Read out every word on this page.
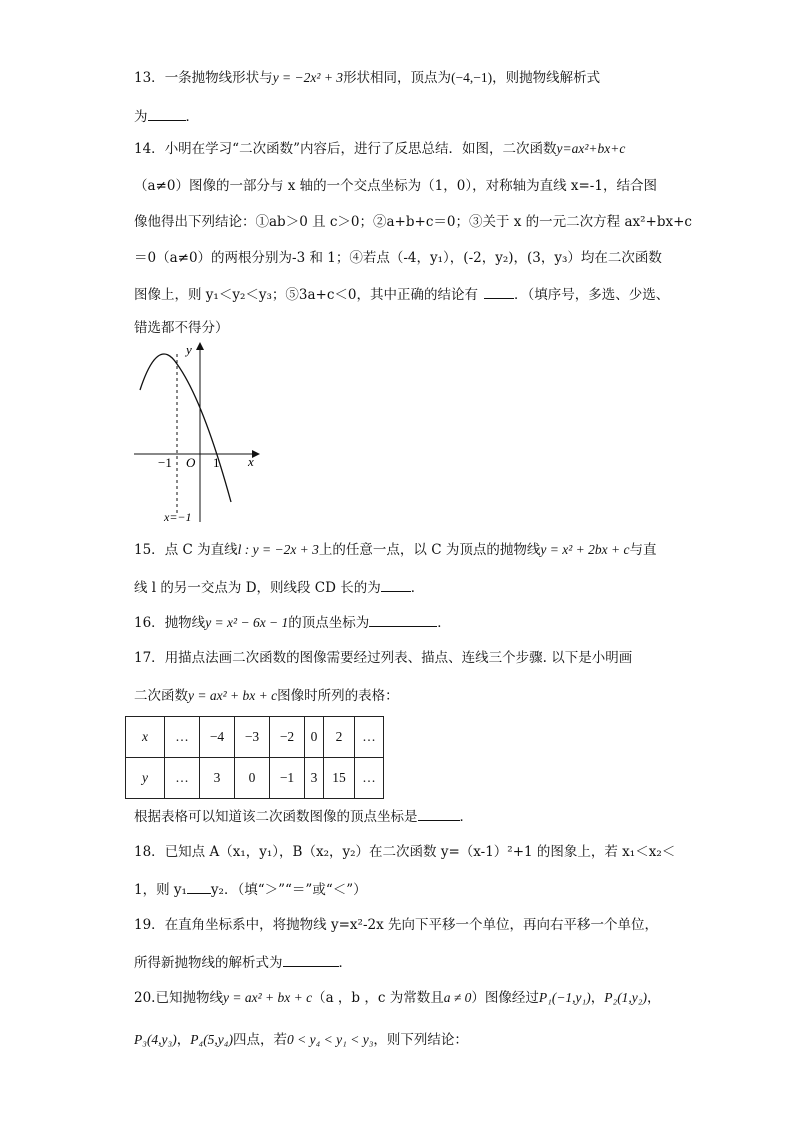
13．一条抛物线形状与y = −2x² + 3形状相同，顶点为(−4,−1)，则抛物线解析式
为	．
14．小明在学习“二次函数”内容后，进行了反思总结．如图，二次函数y=ax²+bx+c
（a≠0）图像的一部分与 x 轴的一个交点坐标为（1，0），对称轴为直线 x=-1，结合图
像他得出下列结论：①ab＞0 且 c＞0；②a+b+c＝0；③关于 x 的一元二次方程 ax²+bx+c
＝0（a≠0）的两根分别为-3 和 1；④若点（-4，y₁），(-2，y₂)，(3，y₃）均在二次函数
图像上，则 y₁＜y₂＜y₃；⑤3a+c＜0，其中正确的结论有	．（填序号，多选、少选、
错选都不得分）
y
x
O
−1	1
x=−1
15．点 C 为直线l : y = −2x + 3上的任意一点，以 C 为顶点的抛物线y = x² + 2bx + c与直
线 l 的另一交点为 D，则线段 CD 长的为 ．
16．抛物线y = x² − 6x − 1的顶点坐标为	．
17．用描点法画二次函数的图像需要经过列表、描点、连线三个步骤. 以下是小明画
二次函数y = ax² + bx + c图像时所列的表格：
x	…	−4	−3	−2	0	2	…
y	…	3	0	−1	3	15	…
根据表格可以知道该二次函数图像的顶点坐标是	．
18．已知点 A（x₁，y₁），B（x₂，y₂）在二次函数 y=（x-1）²+1 的图象上，若 x₁＜x₂＜
1，则 y₁ y₂．（填“＞”“＝”或“＜”）
19．在直角坐标系中，将抛物线 y=x²-2x 先向下平移一个单位，再向右平移一个单位，
所得新抛物线的解析式为	．
20.已知抛物线y = ax² + bx + c（a ，b ，c 为常数且a ≠ 0）图像经过P₁(−1,y₁)，P₂(1,y₂)，
P₃(4,y₃)，P₄(5,y₄)四点，若0 < y₄ < y₁ < y₃，则下列结论：
